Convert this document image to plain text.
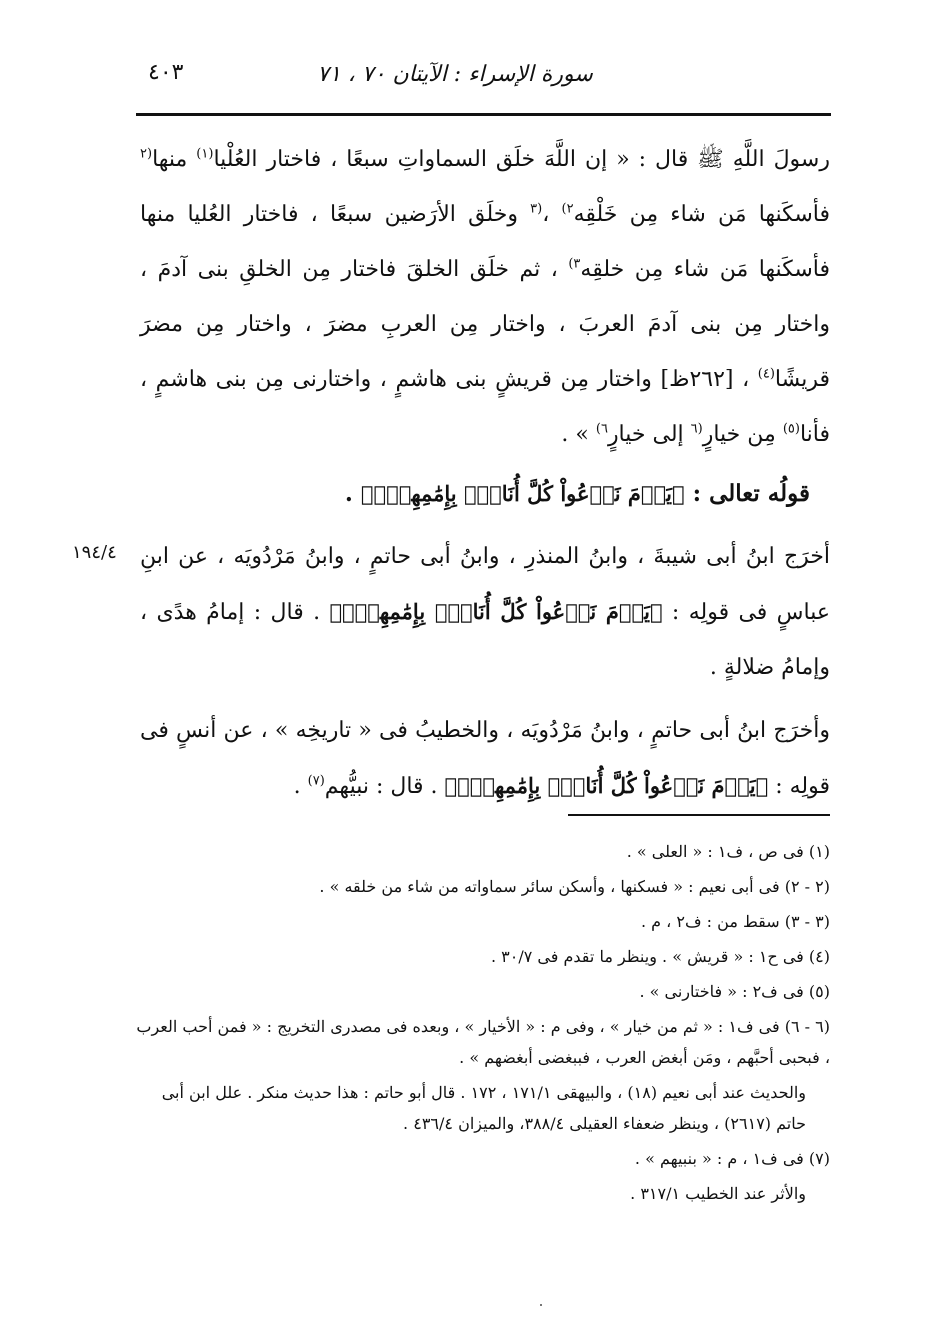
سورة الإسراء : الآيتان ٧٠ ، ٧١
٤٠٣
١٩٤/٤

رسولَ اللَّهِ ﷺ قال : « إن اللَّهَ خلَق السماواتِ سبعًا ، فاختار العُلْيا$^{(١)}$ منها$^{(٢}$ فأسكَنها مَن شاء مِن خَلْقِه$^{٢)}$ ،$^{(٣}$ وخلَق الأرَضين سبعًا ، فاختار العُليا منها فأسكَنها مَن شاء مِن خلقِه$^{٣)}$ ، ثم خلَق الخلقَ فاختار مِن الخلقِ بنى آدمَ ، واختار مِن بنى آدمَ العربَ ، واختار مِن العربِ مضرَ ، واختار مِن مضرَ قريشًا$^{(٤)}$ ، [٢٦٢ظ] واختار مِن قريشٍ بنى هاشمٍ ، واختارنى مِن بنى هاشمٍ ، فأنا$^{(٥)}$ مِن خيارٍ$^{(٦}$ إلى خيارٍ$^{٦)}$ » .

قولُه تعالى : ﴿يَوۡمَ نَدۡعُواْ كُلَّ أُنَاسِۭ بِإِمَٰمِهِمۡۖ﴾ .

أخرَج ابنُ أبى شيبةَ ، وابنُ المنذرِ ، وابنُ أبى حاتمٍ ، وابنُ مَرْدُويَه ، عن ابنِ عباسٍ فى قولِه : ﴿يَوۡمَ نَدۡعُواْ كُلَّ أُنَاسِۭ بِإِمَٰمِهِمۡۖ﴾ . قال : إمامُ هدًى ، وإمامُ ضلالةٍ .

وأخرَج ابنُ أبى حاتمٍ ، وابنُ مَرْدُويَه ، والخطيبُ فى « تاريخِه » ، عن أنسٍ فى قولِه : ﴿يَوۡمَ نَدۡعُواْ كُلَّ أُنَاسِۭ بِإِمَٰمِهِمۡۖ﴾ . قال : نبيُّهم$^{(٧)}$ .

(١) فى ص ، ف١ : « العلى » .

(٢ - ٢) فى أبى نعيم : « فسكنها ، وأسكن سائر سماواته من شاء من خلقه » .

(٣ - ٣) سقط من : ف٢ ، م .

(٤) فى ح١ : « قريش » . وينظر ما تقدم فى ٣٠/٧ .

(٥) فى ف٢ : « فاختارنى » .

(٦ - ٦) فى ف١ : « ثم من خيار » ، وفى م : « الأخيار » ، وبعده فى مصدرى التخريج : « فمن أحب العرب ، فبحبى أحبَّهم ، ومَن أبغض العرب ، فببغضى أبغضهم » .

والحديث عند أبى نعيم (١٨) ، والبيهقى ١٧١/١ ، ١٧٢ . قال أبو حاتم : هذا حديث منكر . علل ابن أبى حاتم (٢٦١٧) ، وينظر ضعفاء العقيلى ٣٨٨/٤، والميزان ٤٣٦/٤ .

(٧) فى ف١ ، م : « بنبيهم » .

والأثر عند الخطيب ٣١٧/١ .
